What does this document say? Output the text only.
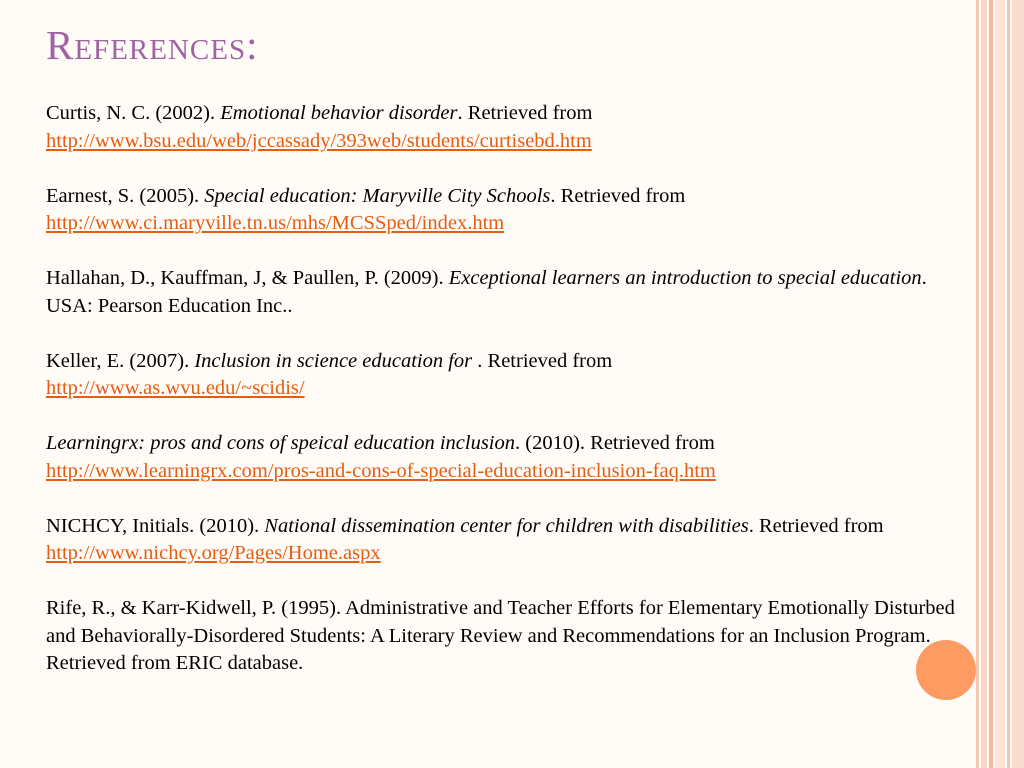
References:

Curtis, N. C. (2002). Emotional behavior disorder. Retrieved from
http://www.bsu.edu/web/jccassady/393web/students/curtisebd.htm

Earnest, S. (2005). Special education: Maryville City Schools. Retrieved from
http://www.ci.maryville.tn.us/mhs/MCSSped/index.htm

Hallahan, D., Kauffman, J, & Paullen, P. (2009). Exceptional learners an introduction to special education. USA: Pearson Education Inc..

Keller, E. (2007). Inclusion in science education for . Retrieved from
http://www.as.wvu.edu/~scidis/

Learningrx: pros and cons of speical education inclusion. (2010). Retrieved from
http://www.learningrx.com/pros-and-cons-of-special-education-inclusion-faq.htm

NICHCY, Initials. (2010). National dissemination center for children with disabilities. Retrieved from http://www.nichcy.org/Pages/Home.aspx

Rife, R., & Karr-Kidwell, P. (1995). Administrative and Teacher Efforts for Elementary Emotionally Disturbed and Behaviorally-Disordered Students: A Literary Review and Recommendations for an Inclusion Program. Retrieved from ERIC database.
